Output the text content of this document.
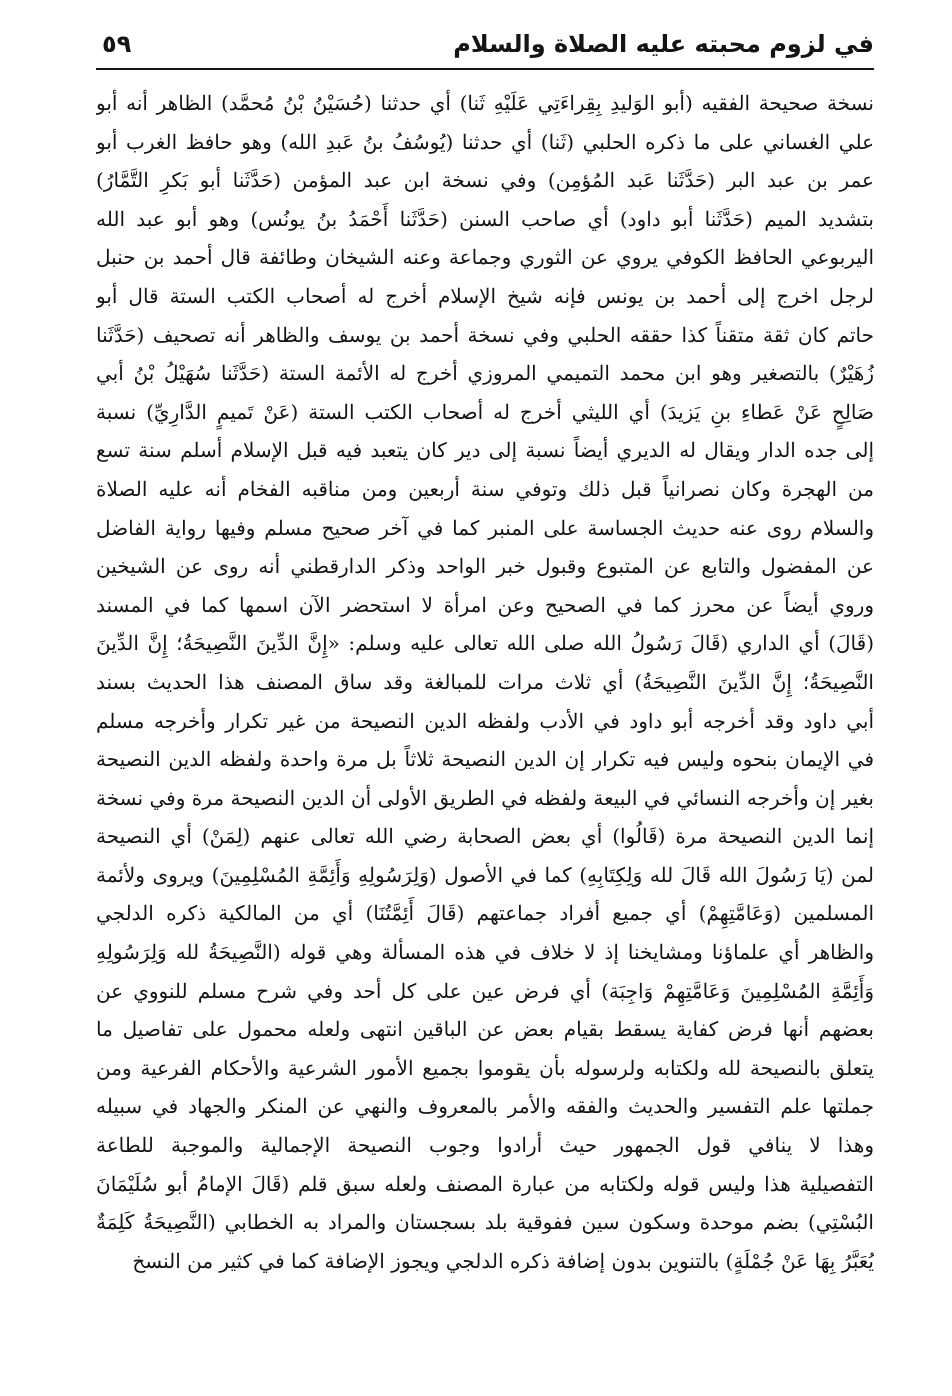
في لزوم محبته عليه الصلاة والسلام
٥٩
نسخة صحيحة الفقيه (أبو الوَليدِ بِقِراءَتِي عَلَيْهِ ثَنا) أي حدثنا (حُسَيْنُ بْنُ مُحمَّد) الظاهر أنه أبو
علي الغساني على ما ذكره الحلبي (ثَنا) أي حدثنا (يُوسُفُ بنُ عَبدِ الله) وهو حافظ الغرب أبو
عمر بن عبد البر (حَدَّثَنا عَبد المُؤمِن) وفي نسخة ابن عبد المؤمن (حَدَّثَنا أبو بَكرِ التَّمَّارُ)
بتشديد الميم (حَدَّثَنا أبو داود) أي صاحب السنن (حَدَّثَنا أَحْمَدُ بنُ يونُس) وهو أبو عبد الله
اليربوعي الحافظ الكوفي يروي عن الثوري وجماعة وعنه الشيخان وطائفة قال أحمد بن حنبل
لرجل اخرج إلى أحمد بن يونس فإنه شيخ الإسلام أخرج له أصحاب الكتب الستة قال أبو
حاتم كان ثقة متقناً كذا حققه الحلبي وفي نسخة أحمد بن يوسف والظاهر أنه تصحيف (حَدَّثَنا
زُهَيْرٌ) بالتصغير وهو ابن محمد التميمي المروزي أخرج له الأئمة الستة (حَدَّثَنا سُهَيْلُ بْنُ أبي
صَالِحٍ عَنْ عَطاءِ بنِ يَزيدَ) أي الليثي أخرج له أصحاب الكتب الستة (عَنْ تَميمٍ الدَّارِيِّ) نسبة
إلى جده الدار ويقال له الديري أيضاً نسبة إلى دير كان يتعبد فيه قبل الإسلام أسلم سنة تسع
من الهجرة وكان نصرانياً قبل ذلك وتوفي سنة أربعين ومن مناقبه الفخام أنه عليه الصلاة
والسلام روى عنه حديث الجساسة على المنبر كما في آخر صحيح مسلم وفيها رواية الفاضل
عن المفضول والتابع عن المتبوع وقبول خبر الواحد وذكر الدارقطني أنه روى عن الشيخين
وروي أيضاً عن محرز كما في الصحيح وعن امرأة لا استحضر الآن اسمها كما في المسند
(قَالَ) أي الداري (قَالَ رَسُولُ الله صلى الله تعالى عليه وسلم: «إِنَّ الدِّينَ النَّصِيحَةُ؛ إِنَّ الدِّينَ
النَّصِيحَةُ؛ إِنَّ الدِّينَ النَّصِيحَةُ) أي ثلاث مرات للمبالغة وقد ساق المصنف هذا الحديث بسند
أبي داود وقد أخرجه أبو داود في الأدب ولفظه الدين النصيحة من غير تكرار وأخرجه مسلم
في الإيمان بنحوه وليس فيه تكرار إن الدين النصيحة ثلاثاً بل مرة واحدة ولفظه الدين النصيحة
بغير إن وأخرجه النسائي في البيعة ولفظه في الطريق الأولى أن الدين النصيحة مرة وفي نسخة
إنما الدين النصيحة مرة (قَالُوا) أي بعض الصحابة رضي الله تعالى عنهم (لِمَنْ) أي النصيحة
لمن (يَا رَسُولَ الله قَالَ لله وَلِكِتَابِهِ) كما في الأصول (وَلِرَسُولِهِ وَأَئِمَّةِ المُسْلِمِينَ) ويروى ولأئمة
المسلمين (وَعَامَّتِهِمْ) أي جميع أفراد جماعتهم (قَالَ أَئِمَّتُنَا) أي من المالكية ذكره الدلجي
والظاهر أي علماؤنا ومشايخنا إذ لا خلاف في هذه المسألة وهي قوله (النَّصِيحَةُ لله وَلِرَسُولِهِ
وَأَئِمَّةِ المُسْلِمِينَ وَعَامَّتِهِمْ وَاجِبَة) أي فرض عين على كل أحد وفي شرح مسلم للنووي عن
بعضهم أنها فرض كفاية يسقط بقيام بعض عن الباقين انتهى ولعله محمول على تفاصيل ما
يتعلق بالنصيحة لله ولكتابه ولرسوله بأن يقوموا بجميع الأمور الشرعية والأحكام الفرعية ومن
جملتها علم التفسير والحديث والفقه والأمر بالمعروف والنهي عن المنكر والجهاد في سبيله
وهذا لا ينافي قول الجمهور حيث أرادوا وجوب النصيحة الإجمالية والموجبة للطاعة
التفصيلية هذا وليس قوله ولكتابه من عبارة المصنف ولعله سبق قلم (قَالَ الإمامُ أبو سُلَيْمَانَ
البُسْتِي) بضم موحدة وسكون سين ففوقية بلد بسجستان والمراد به الخطابي (النَّصِيحَةُ كَلِمَةٌ
يُعَبَّرُ بِهَا عَنْ جُمْلَةٍ) بالتنوين بدون إضافة ذكره الدلجي ويجوز الإضافة كما في كثير من النسخ
